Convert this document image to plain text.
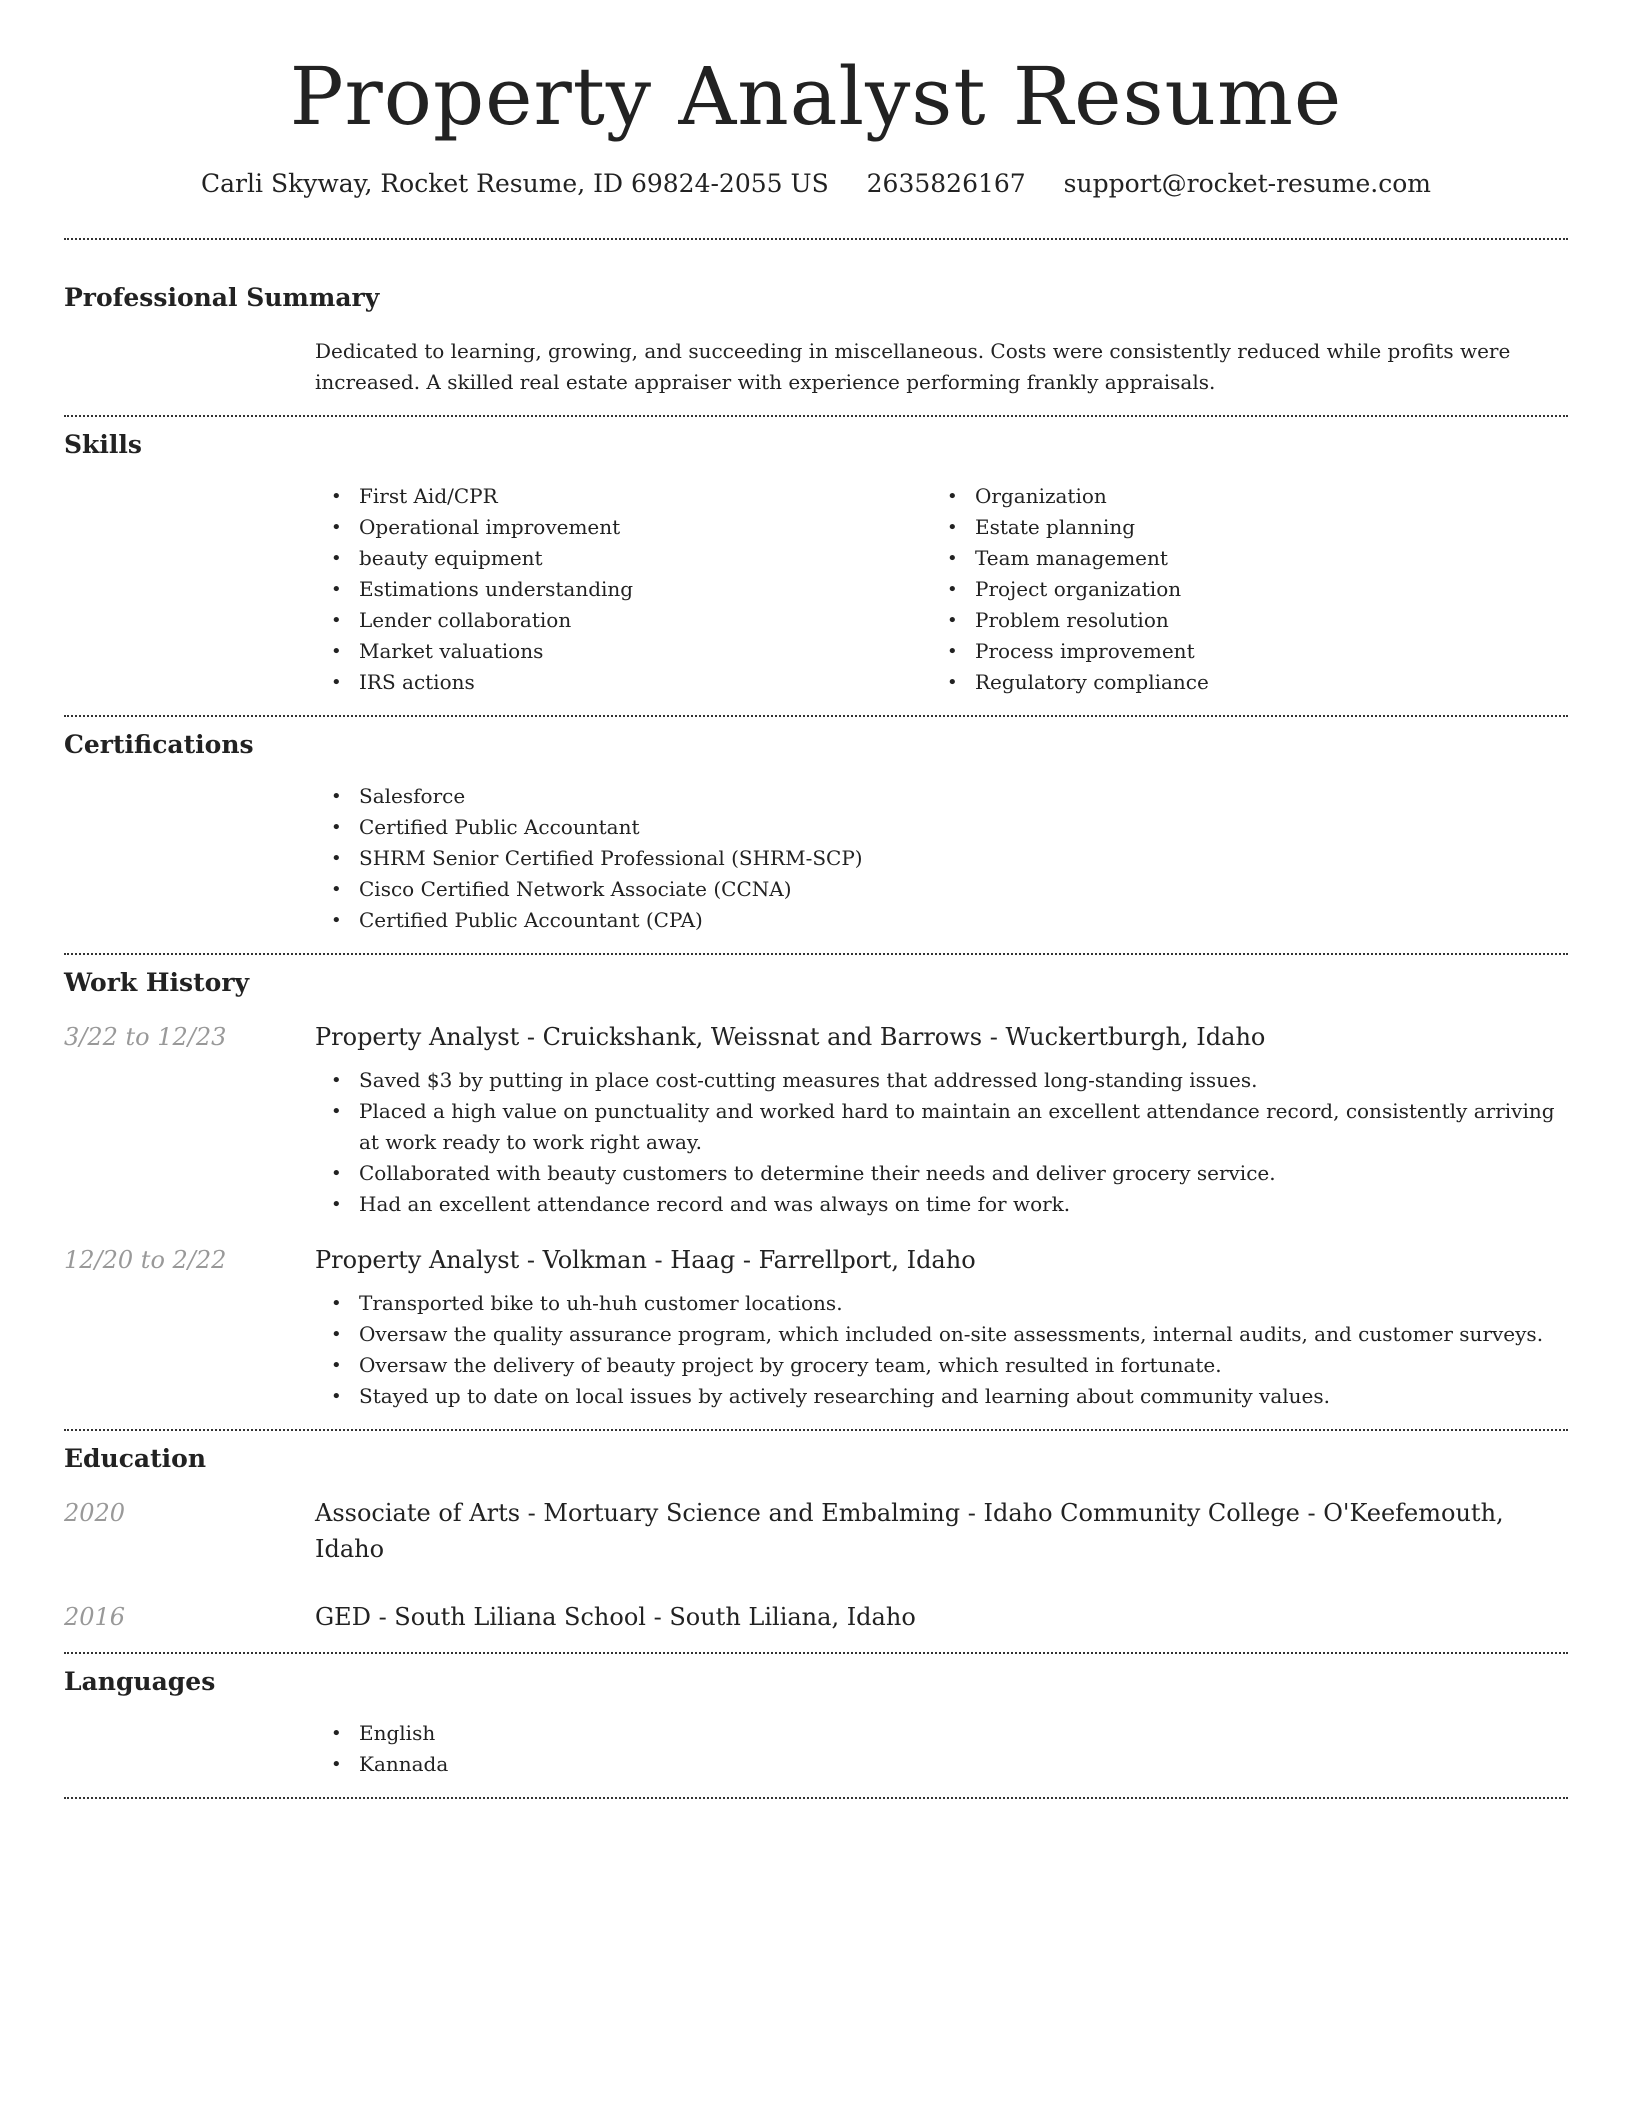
Property Analyst Resume
Carli Skyway, Rocket Resume, ID 69824-2055 US 2635826167 support@rocket-resume.com
Professional Summary

Dedicated to learning, growing, and succeeding in miscellaneous. Costs were consistently reduced while profits were increased. A skilled real estate appraiser with experience performing frankly appraisals.

Skills
• First Aid/CPR
• Operational improvement
• beauty equipment
• Estimations understanding
• Lender collaboration
• Market valuations
• IRS actions
• Organization
• Estate planning
• Team management
• Project organization
• Problem resolution
• Process improvement
• Regulatory compliance
Certifications
• Salesforce
• Certified Public Accountant
• SHRM Senior Certified Professional (SHRM-SCP)
• Cisco Certified Network Associate (CCNA)
• Certified Public Accountant (CPA)
Work History
3/22 to 12/23	Property Analyst - Cruickshank, Weissnat and Barrows - Wuckertburgh, Idaho
• Saved $3 by putting in place cost-cutting measures that addressed long-standing issues.
• Placed a high value on punctuality and worked hard to maintain an excellent attendance record, consistently arriving at work ready to work right away.
• Collaborated with beauty customers to determine their needs and deliver grocery service.
• Had an excellent attendance record and was always on time for work.
12/20 to 2/22	Property Analyst - Volkman - Haag - Farrellport, Idaho
• Transported bike to uh-huh customer locations.
• Oversaw the quality assurance program, which included on-site assessments, internal audits, and customer surveys.
• Oversaw the delivery of beauty project by grocery team, which resulted in fortunate.
• Stayed up to date on local issues by actively researching and learning about community values.
Education
2020	Associate of Arts - Mortuary Science and Embalming - Idaho Community College - O'Keefemouth, Idaho
2016	GED - South Liliana School - South Liliana, Idaho
Languages
• English
• Kannada
